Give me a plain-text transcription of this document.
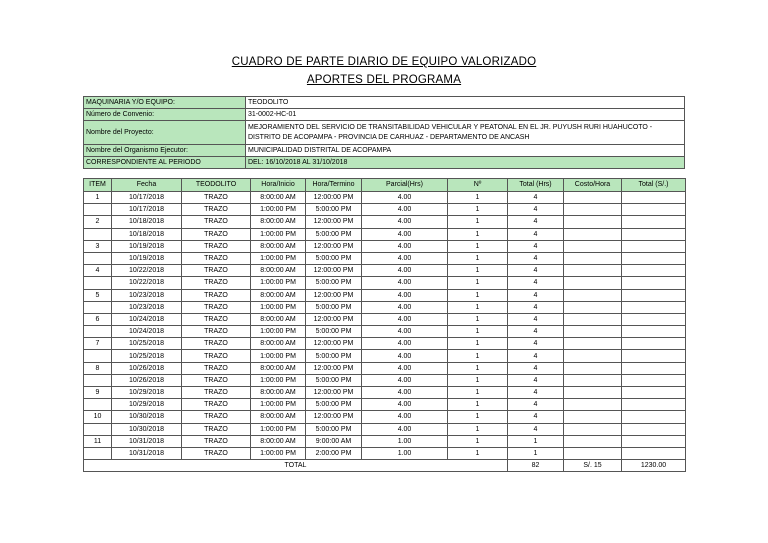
CUADRO DE PARTE DIARIO DE EQUIPO VALORIZADO
APORTES DEL PROGRAMA
MAQUINARIA Y/O EQUIPO:	TEODOLITO
Número de Convenio:	31-0002-HC-01
Nombre del Proyecto:	MEJORAMIENTO DEL SERVICIO DE TRANSITABILIDAD VEHICULAR Y PEATONAL EN EL JR. PUYUSH RURI HUAHUCOTO - DISTRITO DE ACOPAMPA - PROVINCIA DE CARHUAZ - DEPARTAMENTO DE ANCASH
Nombre del Organismo Ejecutor:	MUNICIPALIDAD DISTRITAL DE ACOPAMPA
CORRESPONDIENTE AL PERIODO	DEL: 16/10/2018 AL 31/10/2018
ITEM	Fecha	TEODOLITO	Hora/Inicio	Hora/Termino	Parcial(Hrs)	Nº	Total (Hrs)	Costo/Hora	Total (S/.)
1	10/17/2018	TRAZO	8:00:00 AM	12:00:00 PM	4.00	1	4		
	10/17/2018	TRAZO	1:00:00 PM	5:00:00 PM	4.00	1	4		
2	10/18/2018	TRAZO	8:00:00 AM	12:00:00 PM	4.00	1	4		
	10/18/2018	TRAZO	1:00:00 PM	5:00:00 PM	4.00	1	4		
3	10/19/2018	TRAZO	8:00:00 AM	12:00:00 PM	4.00	1	4		
	10/19/2018	TRAZO	1:00:00 PM	5:00:00 PM	4.00	1	4		
4	10/22/2018	TRAZO	8:00:00 AM	12:00:00 PM	4.00	1	4		
	10/22/2018	TRAZO	1:00:00 PM	5:00:00 PM	4.00	1	4		
5	10/23/2018	TRAZO	8:00:00 AM	12:00:00 PM	4.00	1	4		
	10/23/2018	TRAZO	1:00:00 PM	5:00:00 PM	4.00	1	4		
6	10/24/2018	TRAZO	8:00:00 AM	12:00:00 PM	4.00	1	4		
	10/24/2018	TRAZO	1:00:00 PM	5:00:00 PM	4.00	1	4		
7	10/25/2018	TRAZO	8:00:00 AM	12:00:00 PM	4.00	1	4		
	10/25/2018	TRAZO	1:00:00 PM	5:00:00 PM	4.00	1	4		
8	10/26/2018	TRAZO	8:00:00 AM	12:00:00 PM	4.00	1	4		
	10/26/2018	TRAZO	1:00:00 PM	5:00:00 PM	4.00	1	4		
9	10/29/2018	TRAZO	8:00:00 AM	12:00:00 PM	4.00	1	4		
	10/29/2018	TRAZO	1:00:00 PM	5:00:00 PM	4.00	1	4		
10	10/30/2018	TRAZO	8:00:00 AM	12:00:00 PM	4.00	1	4		
	10/30/2018	TRAZO	1:00:00 PM	5:00:00 PM	4.00	1	4		
11	10/31/2018	TRAZO	8:00:00 AM	9:00:00 AM	1.00	1	1		
	10/31/2018	TRAZO	1:00:00 PM	2:00:00 PM	1.00	1	1		
TOTAL							82	S/. 15	1230.00
